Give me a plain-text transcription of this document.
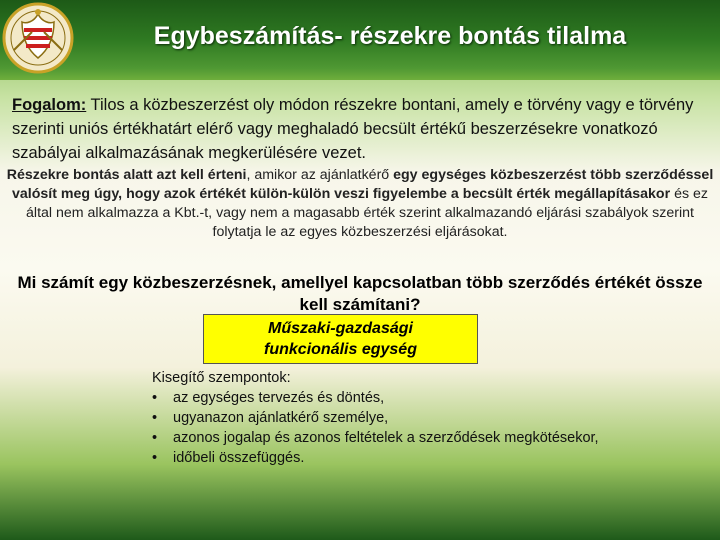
Egybeszámítás- részekre bontás tilalma
Fogalom: Tilos a közbeszerzést oly módon részekre bontani, amely e törvény vagy e törvény szerinti uniós értékhatárt elérő vagy meghaladó becsült értékű beszerzésekre vonatkozó szabályai alkalmazásának megkerülésére vezet.
Részekre bontás alatt azt kell érteni, amikor az ajánlatkérő egy egységes közbeszerzést több szerződéssel valósít meg úgy, hogy azok értékét külön-külön veszi figyelembe a becsült érték megállapításakor és ez által nem alkalmazza a Kbt.-t, vagy nem a magasabb érték szerint alkalmazandó eljárási szabályok szerint folytatja le az egyes közbeszerzési eljárásokat.
Mi számít egy közbeszerzésnek, amellyel kapcsolatban több szerződés értékét össze kell számítani?
Műszaki-gazdasági
funkcionális egység
Kisegítő szempontok:
•	az egységes tervezés és döntés,
•	ugyanazon ajánlatkérő személye,
•	azonos jogalap és azonos feltételek a szerződések megkötésekor,
•	időbeli összefüggés.
